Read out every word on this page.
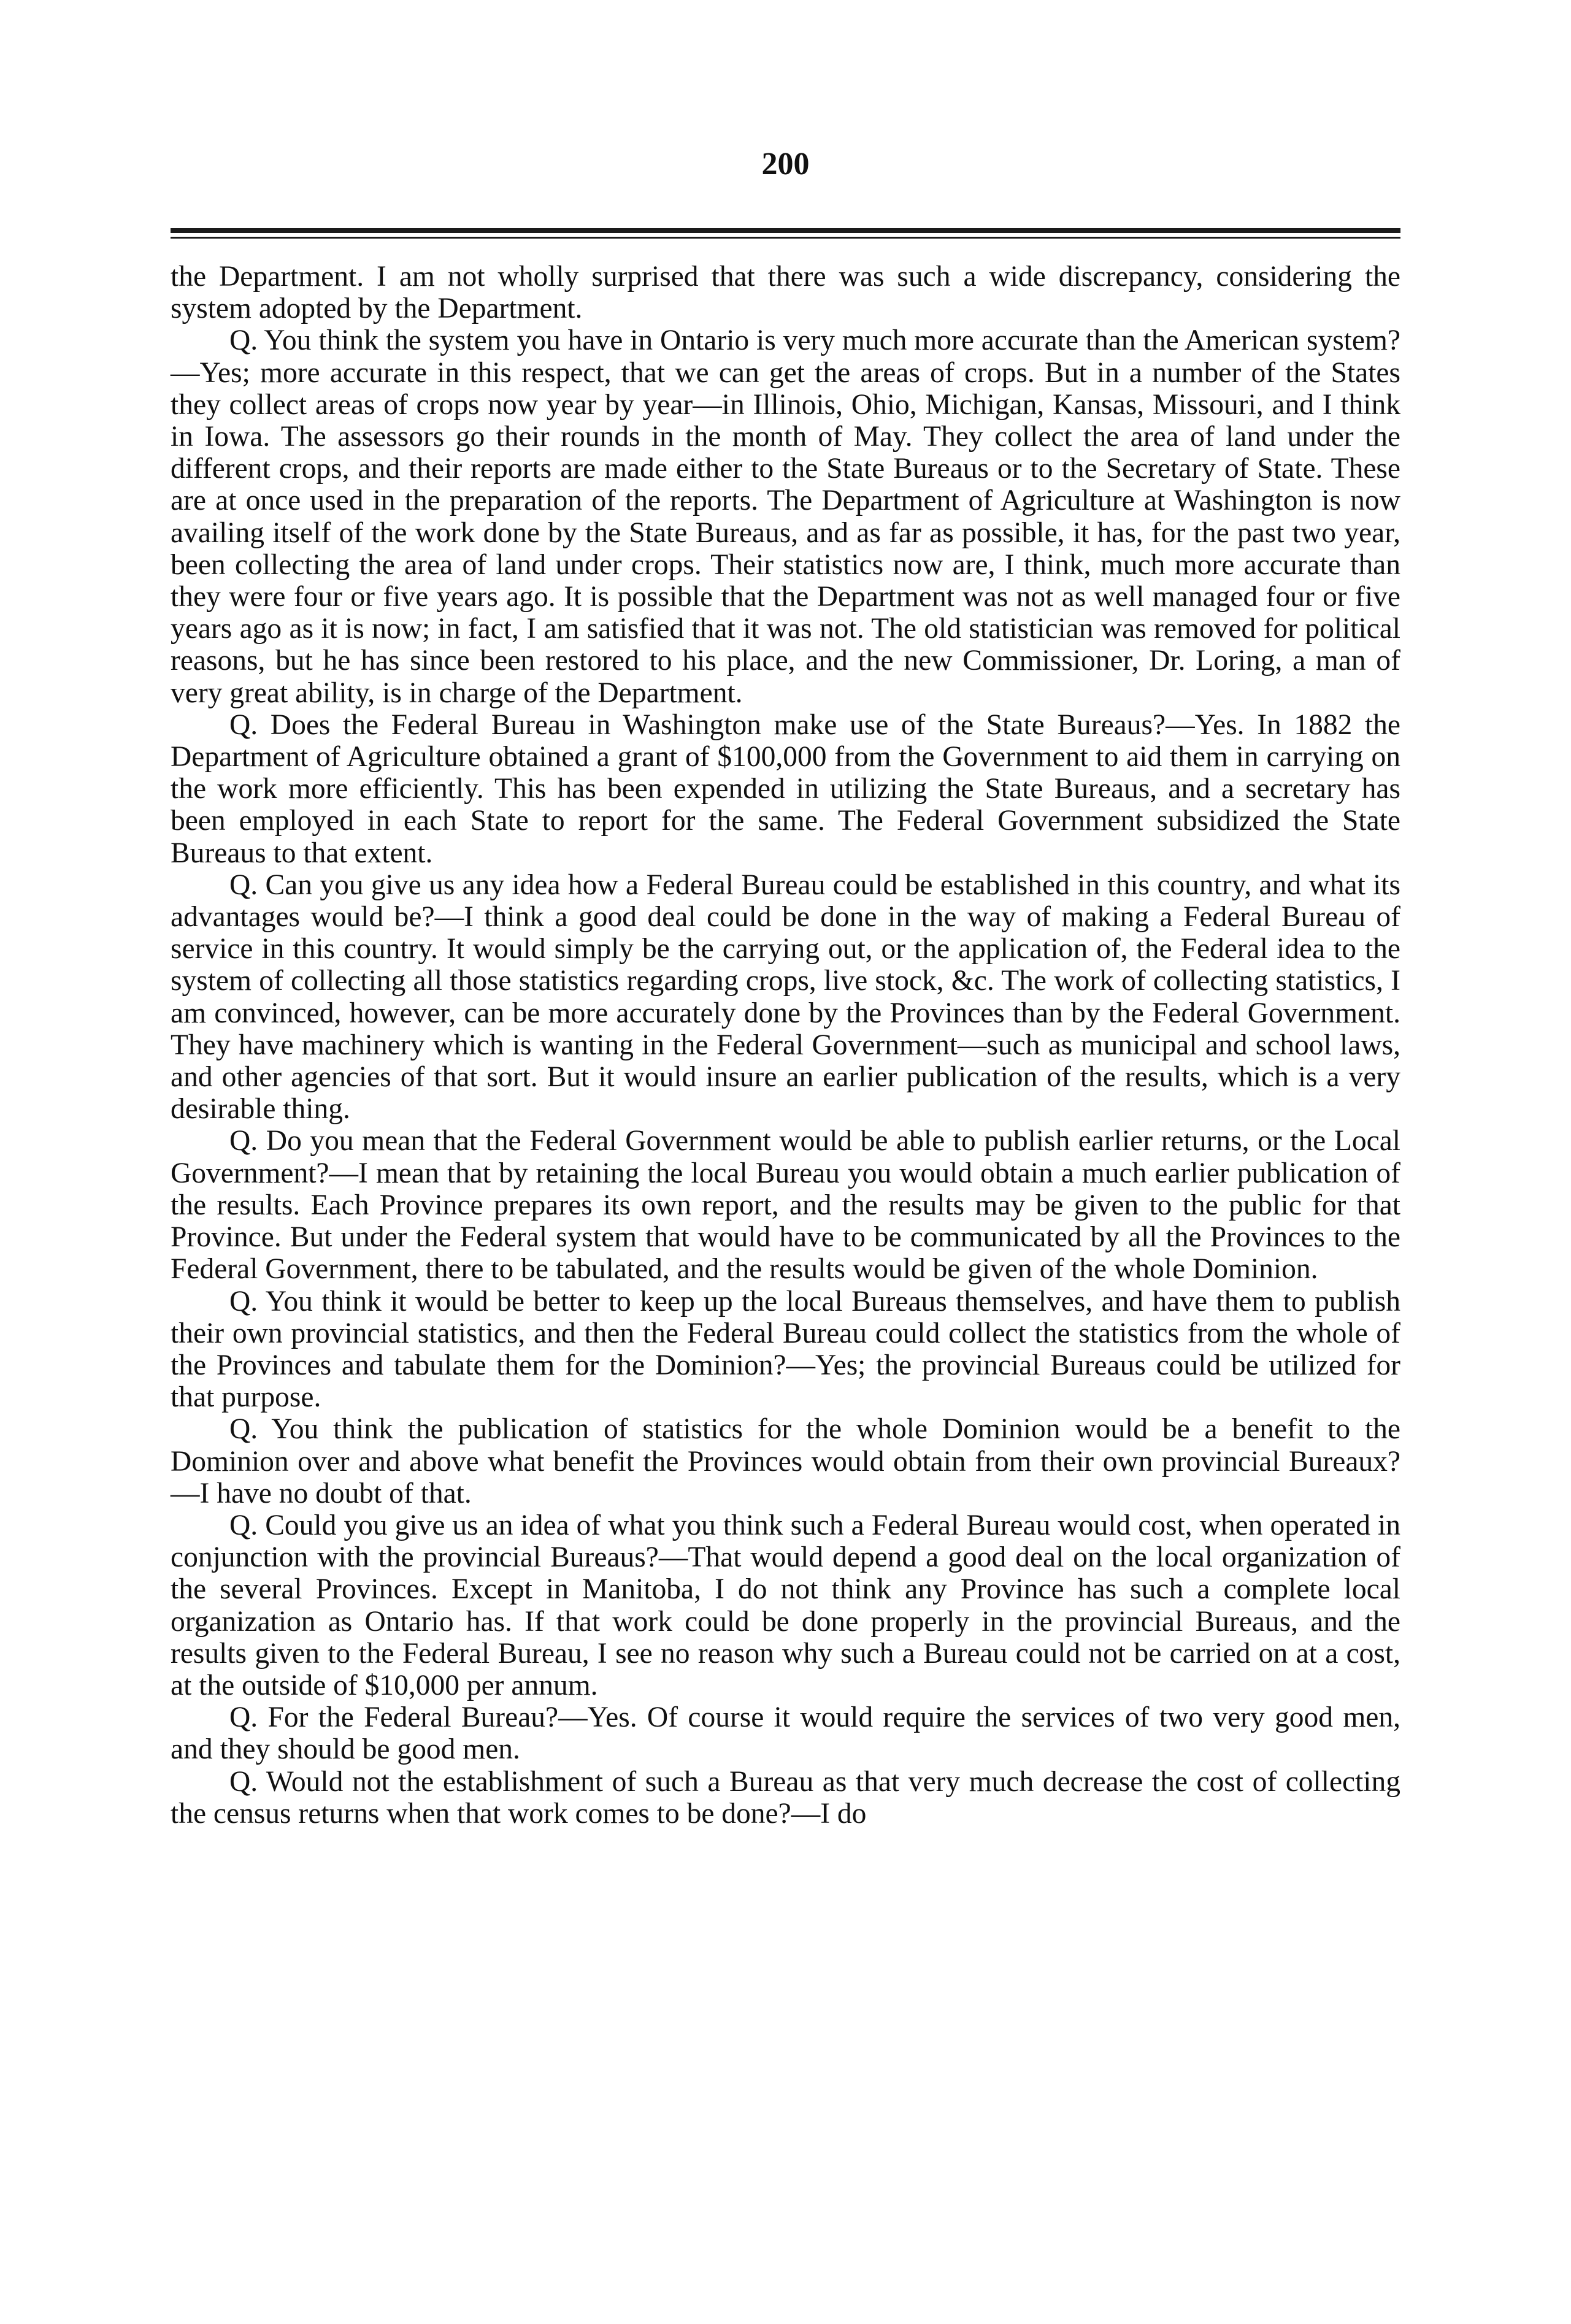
200

the Department. I am not wholly surprised that there was such a wide discrepancy, considering the system adopted by the Department.

Q. You think the system you have in Ontario is very much more accurate than the American system?—Yes; more accurate in this respect, that we can get the areas of crops. But in a number of the States they collect areas of crops now year by year—in Illinois, Ohio, Michigan, Kansas, Missouri, and I think in Iowa. The assessors go their rounds in the month of May. They collect the area of land under the different crops, and their reports are made either to the State Bureaus or to the Secretary of State. These are at once used in the preparation of the reports. The Department of Agriculture at Washington is now availing itself of the work done by the State Bureaus, and as far as possible, it has, for the past two year, been collecting the area of land under crops. Their statistics now are, I think, much more accurate than they were four or five years ago. It is possible that the Department was not as well managed four or five years ago as it is now; in fact, I am satisfied that it was not. The old statistician was removed for political reasons, but he has since been restored to his place, and the new Commissioner, Dr. Loring, a man of very great ability, is in charge of the Department.

Q. Does the Federal Bureau in Washington make use of the State Bureaus?—Yes. In 1882 the Department of Agriculture obtained a grant of $100,000 from the Government to aid them in carrying on the work more efficiently. This has been expended in utilizing the State Bureaus, and a secretary has been employed in each State to report for the same. The Federal Government subsidized the State Bureaus to that extent.

Q. Can you give us any idea how a Federal Bureau could be established in this country, and what its advantages would be?—I think a good deal could be done in the way of making a Federal Bureau of service in this country. It would simply be the carrying out, or the application of, the Federal idea to the system of collecting all those statistics regarding crops, live stock, &c. The work of collecting statistics, I am convinced, however, can be more accurately done by the Provinces than by the Federal Government. They have machinery which is wanting in the Federal Government—such as municipal and school laws, and other agencies of that sort. But it would insure an earlier publication of the results, which is a very desirable thing.

Q. Do you mean that the Federal Government would be able to publish earlier returns, or the Local Government?—I mean that by retaining the local Bureau you would obtain a much earlier publication of the results. Each Province prepares its own report, and the results may be given to the public for that Province. But under the Federal system that would have to be communicated by all the Provinces to the Federal Government, there to be tabulated, and the results would be given of the whole Dominion.

Q. You think it would be better to keep up the local Bureaus themselves, and have them to publish their own provincial statistics, and then the Federal Bureau could collect the statistics from the whole of the Provinces and tabulate them for the Dominion?—Yes; the provincial Bureaus could be utilized for that purpose.

Q. You think the publication of statistics for the whole Dominion would be a benefit to the Dominion over and above what benefit the Provinces would obtain from their own provincial Bureaux?—I have no doubt of that.

Q. Could you give us an idea of what you think such a Federal Bureau would cost, when operated in conjunction with the provincial Bureaus?—That would depend a good deal on the local organization of the several Provinces. Except in Manitoba, I do not think any Province has such a complete local organization as Ontario has. If that work could be done properly in the provincial Bureaus, and the results given to the Federal Bureau, I see no reason why such a Bureau could not be carried on at a cost, at the outside of $10,000 per annum.

Q. For the Federal Bureau?—Yes. Of course it would require the services of two very good men, and they should be good men.

Q. Would not the establishment of such a Bureau as that very much decrease the cost of collecting the census returns when that work comes to be done?—I do
